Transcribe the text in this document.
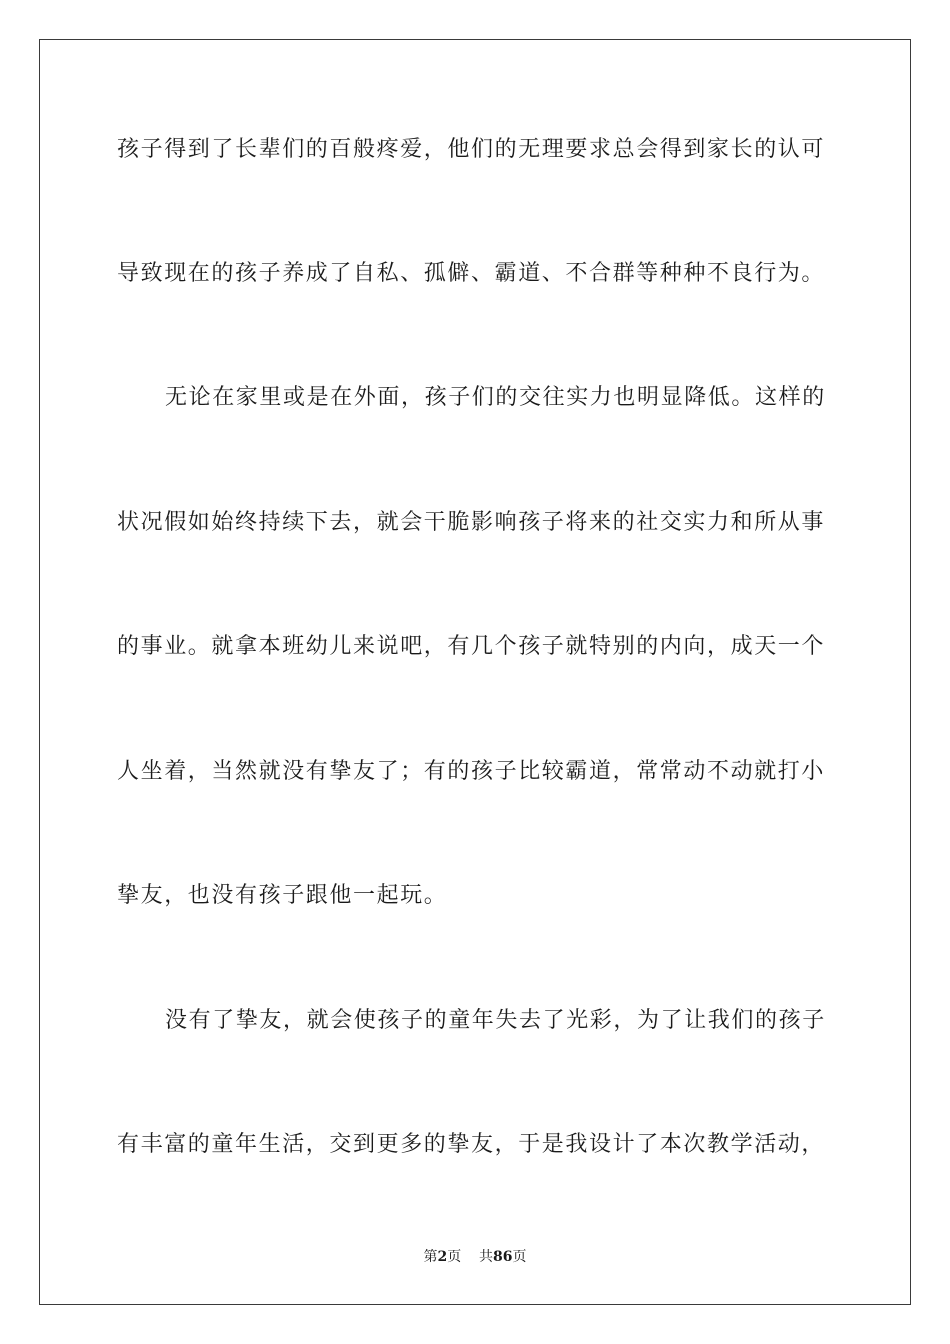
孩子得到了长辈们的百般疼爱，他们的无理要求总会得到家长的认可
导致现在的孩子养成了自私、孤僻、霸道、不合群等种种不良行为。
无论在家里或是在外面，孩子们的交往实力也明显降低。这样的
状况假如始终持续下去，就会干脆影响孩子将来的社交实力和所从事
的事业。就拿本班幼儿来说吧，有几个孩子就特别的内向，成天一个
人坐着，当然就没有挚友了；有的孩子比较霸道，常常动不动就打小
挚友，也没有孩子跟他一起玩。
没有了挚友，就会使孩子的童年失去了光彩，为了让我们的孩子
有丰富的童年生活，交到更多的挚友，于是我设计了本次教学活动，
第2页 共86页
